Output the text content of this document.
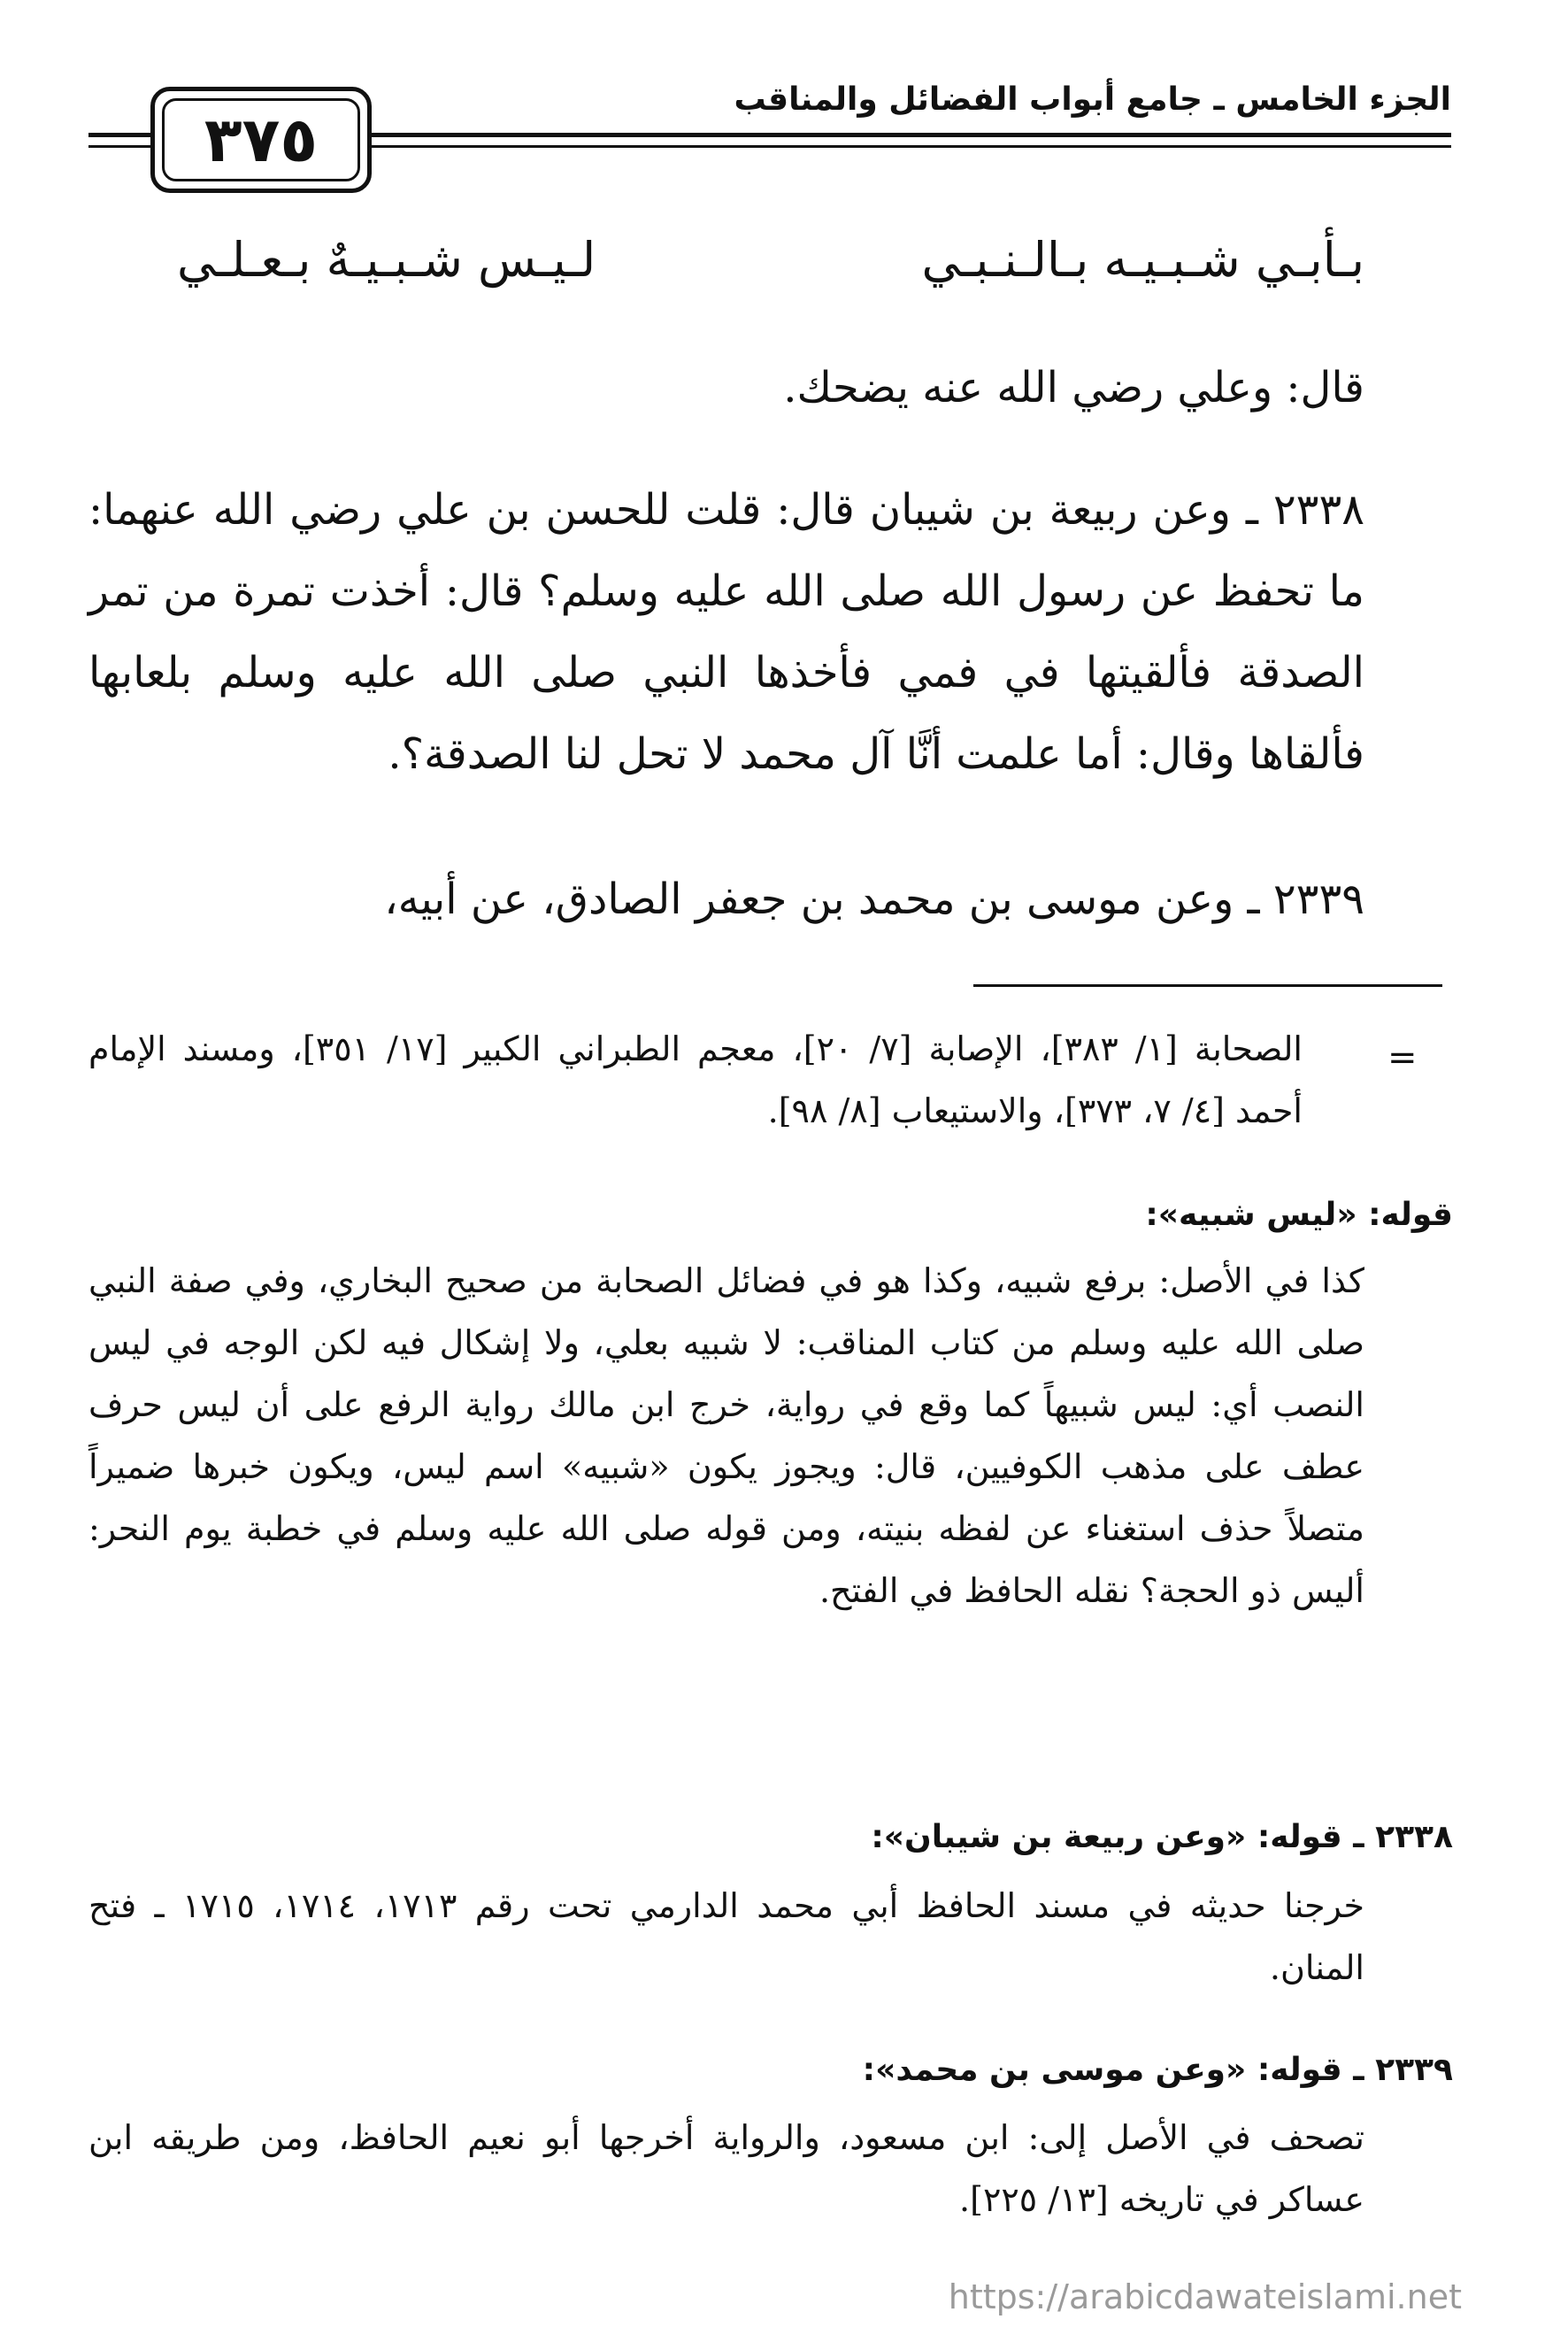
الجزء الخامس ـ جامع أبواب الفضائل والمناقب
٣٧٥
بـأبـي شـبـيـه بـالـنـبـي
لـيـس شـبـيـهٌ بـعـلـي
قال: وعلي رضي الله عنه يضحك.
٢٣٣٨ ـ وعن ربيعة بن شيبان قال: قلت للحسن بن علي رضي الله عنهما: ما تحفظ عن رسول الله صلى الله عليه وسلم؟ قال: أخذت تمرة من تمر الصدقة فألقيتها في فمي فأخذها النبي صلى الله عليه وسلم بلعابها فألقاها وقال: أما علمت أنَّا آل محمد لا تحل لنا الصدقة؟.
٢٣٣٩ ـ وعن موسى بن محمد بن جعفر الصادق، عن أبيه،
=
الصحابة [١/ ٣٨٣]، الإصابة [٧/ ٢٠]، معجم الطبراني الكبير [١٧/ ٣٥١]، ومسند الإمام أحمد [٤/ ٧، ٣٧٣]، والاستيعاب [٨/ ٩٨].
قوله: «ليس شبيه»:
كذا في الأصل: برفع شبيه، وكذا هو في فضائل الصحابة من صحيح البخاري، وفي صفة النبي صلى الله عليه وسلم من كتاب المناقب: لا شبيه بعلي، ولا إشكال فيه لكن الوجه في ليس النصب أي: ليس شبيهاً كما وقع في رواية، خرج ابن مالك رواية الرفع على أن ليس حرف عطف على مذهب الكوفيين، قال: ويجوز يكون «شبيه» اسم ليس، ويكون خبرها ضميراً متصلاً حذف استغناء عن لفظه بنيته، ومن قوله صلى الله عليه وسلم في خطبة يوم النحر: أليس ذو الحجة؟ نقله الحافظ في الفتح.
٢٣٣٨ ـ قوله: «وعن ربيعة بن شيبان»:
خرجنا حديثه في مسند الحافظ أبي محمد الدارمي تحت رقم ١٧١٣، ١٧١٤، ١٧١٥ ـ فتح المنان.
٢٣٣٩ ـ قوله: «وعن موسى بن محمد»:
تصحف في الأصل إلى: ابن مسعود، والرواية أخرجها أبو نعيم الحافظ، ومن طريقه ابن عساكر في تاريخه [١٣/ ٢٢٥].
https://arabicdawateislami.net
